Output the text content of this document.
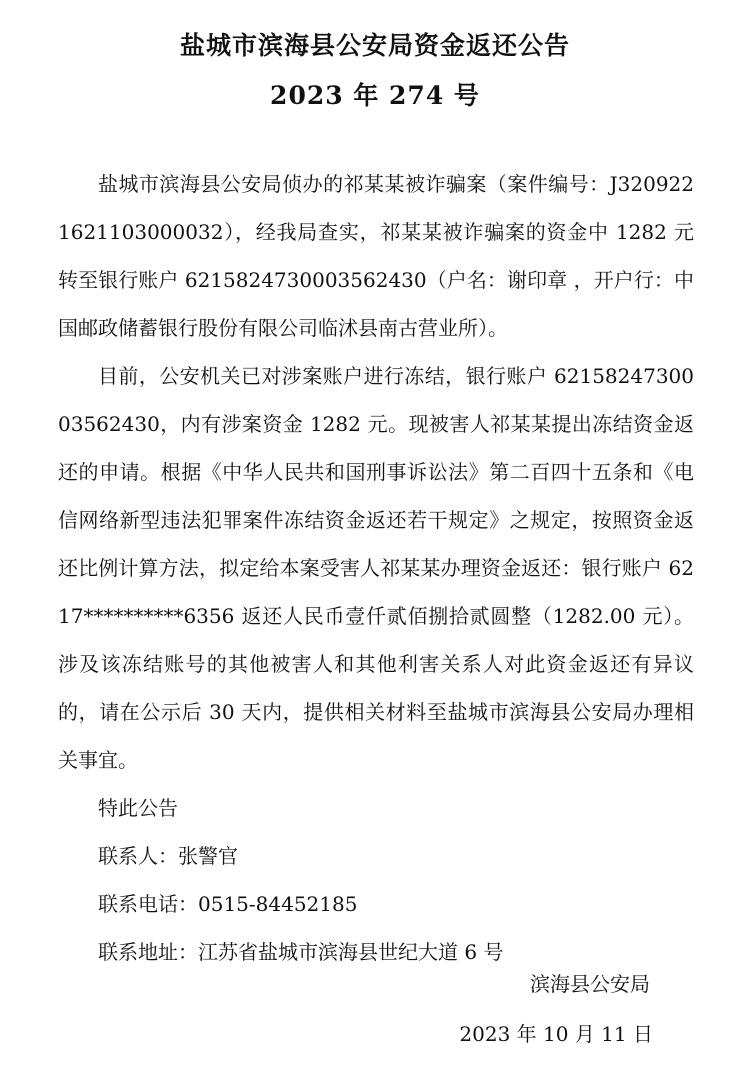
盐城市滨海县公安局资金返还公告
2023 年 274 号

盐城市滨海县公安局侦办的祁某某被诈骗案（案件编号：J3209221621103000032），经我局查实，祁某某被诈骗案的资金中 1282 元转至银行账户 6215824730003562430（户名：谢印章 ，开户行：中国邮政储蓄银行股份有限公司临沭县南古营业所）。

目前，公安机关已对涉案账户进行冻结，银行账户 6215824730003562430，内有涉案资金 1282 元。现被害人祁某某提出冻结资金返还的申请。根据《中华人民共和国刑事诉讼法》第二百四十五条和《电信网络新型违法犯罪案件冻结资金返还若干规定》之规定，按照资金返还比例计算方法，拟定给本案受害人祁某某办理资金返还：银行账户 6217**********6356 返还人民币壹仟贰佰捌拾贰圆整（1282.00 元）。涉及该冻结账号的其他被害人和其他利害关系人对此资金返还有异议的，请在公示后 30 天内，提供相关材料至盐城市滨海县公安局办理相关事宜。

特此公告

联系人：张警官

联系电话：0515-84452185

联系地址：江苏省盐城市滨海县世纪大道 6 号

滨海县公安局
2023 年 10 月 11 日
